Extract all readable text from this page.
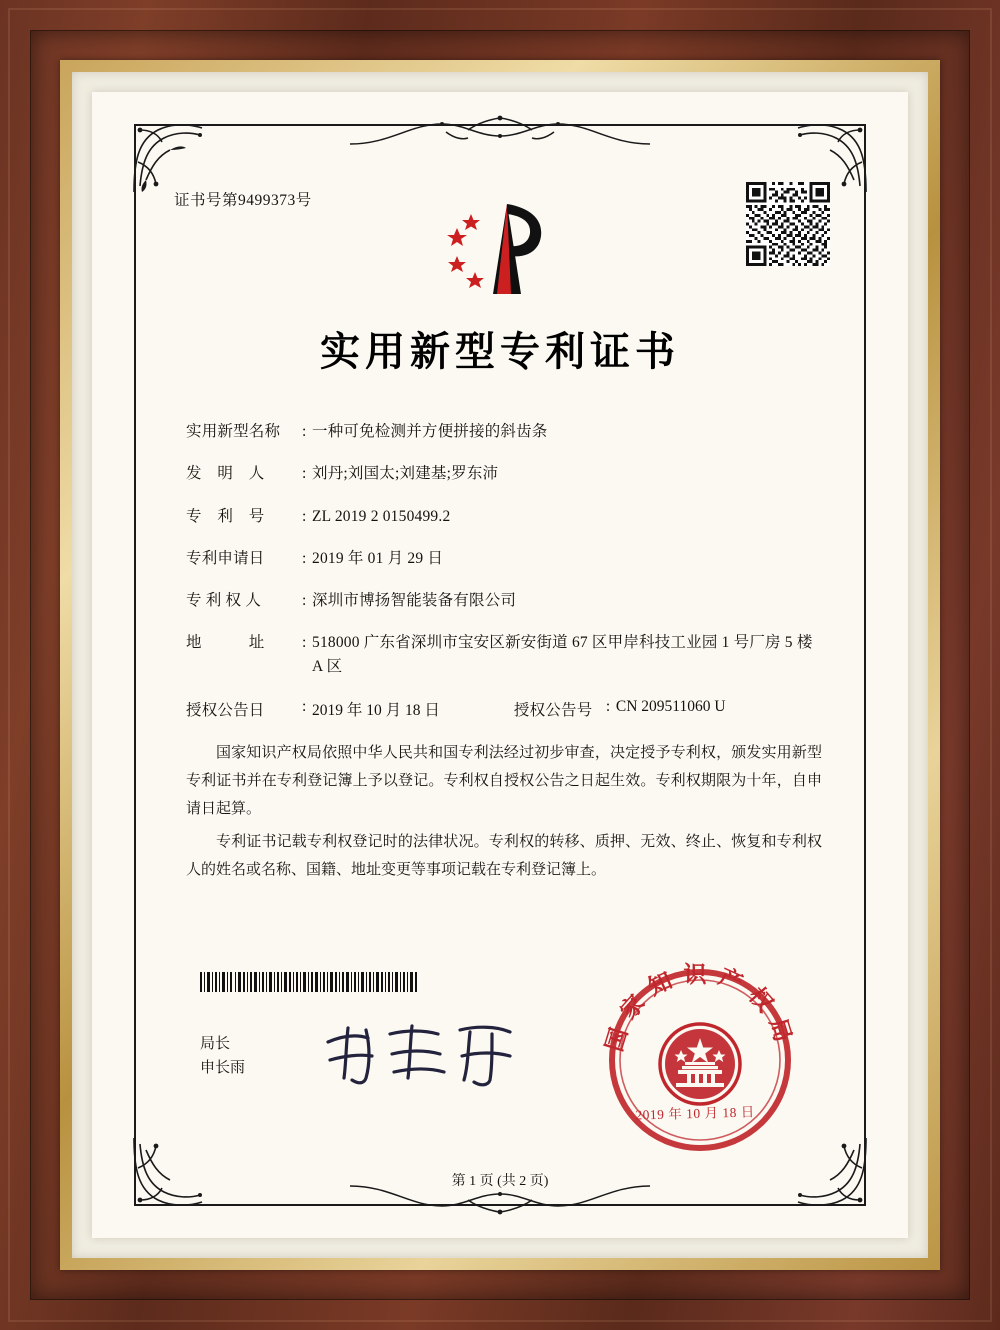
证书号第9499373号
实用新型专利证书
实用新型名称	: 一种可免检测并方便拼接的斜齿条
发　明　人	: 刘丹;刘国太;刘建基;罗东沛
专　利　号	: ZL 2019 2 0150499.2
专利申请日	: 2019 年 01 月 29 日
专 利 权 人	: 深圳市博扬智能装备有限公司
地　　　址	: 518000 广东省深圳市宝安区新安街道 67 区甲岸科技工业园 1 号厂房 5 楼 A 区
授权公告日	: 2019 年 10 月 18 日	授权公告号 : CN 209511060 U

国家知识产权局依照中华人民共和国专利法经过初步审查，决定授予专利权，颁发实用新型专利证书并在专利登记簿上予以登记。专利权自授权公告之日起生效。专利权期限为十年，自申请日起算。

专利证书记载专利权登记时的法律状况。专利权的转移、质押、无效、终止、恢复和专利权人的姓名或名称、国籍、地址变更等事项记载在专利登记簿上。

局长
申长雨
国家知识产权局
2019 年 10 月 18 日
第 1 页 (共 2 页)
